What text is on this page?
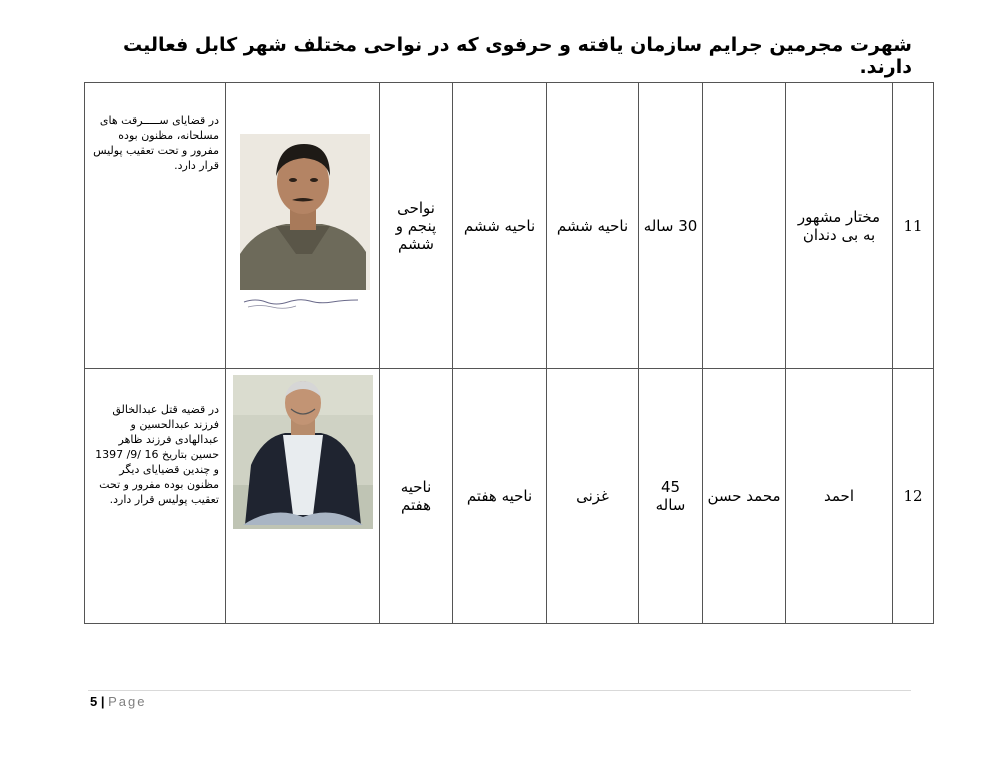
شهرت مجرمین جرایم سازمان یافته و حرفوی که در نواحی مختلف شهر کابل فعالیت دارند.
11	مختار مشهور به بی دندان		30 ساله	ناحیه ششم	ناحیه ششم	نواحی پنجم و ششم		در قضایای ســـــرقت های مسلحانه، مظنون بوده مفرور و تحت تعقیب پولیس قرار دارد.
12	احمد	محمد حسن	45 ساله	غزنی	ناحیه هفتم	ناحیه هفتم		در قضیه قتل عبدالخالق فرزند عبدالحسین و عبدالهادی فرزند ظاهر حسین بتاریخ 16 /9/ 1397 و چندین قضیایای دیگر مظنون بوده مفرور و تحت تعقیب پولیس قرار دارد.
5 | Page
